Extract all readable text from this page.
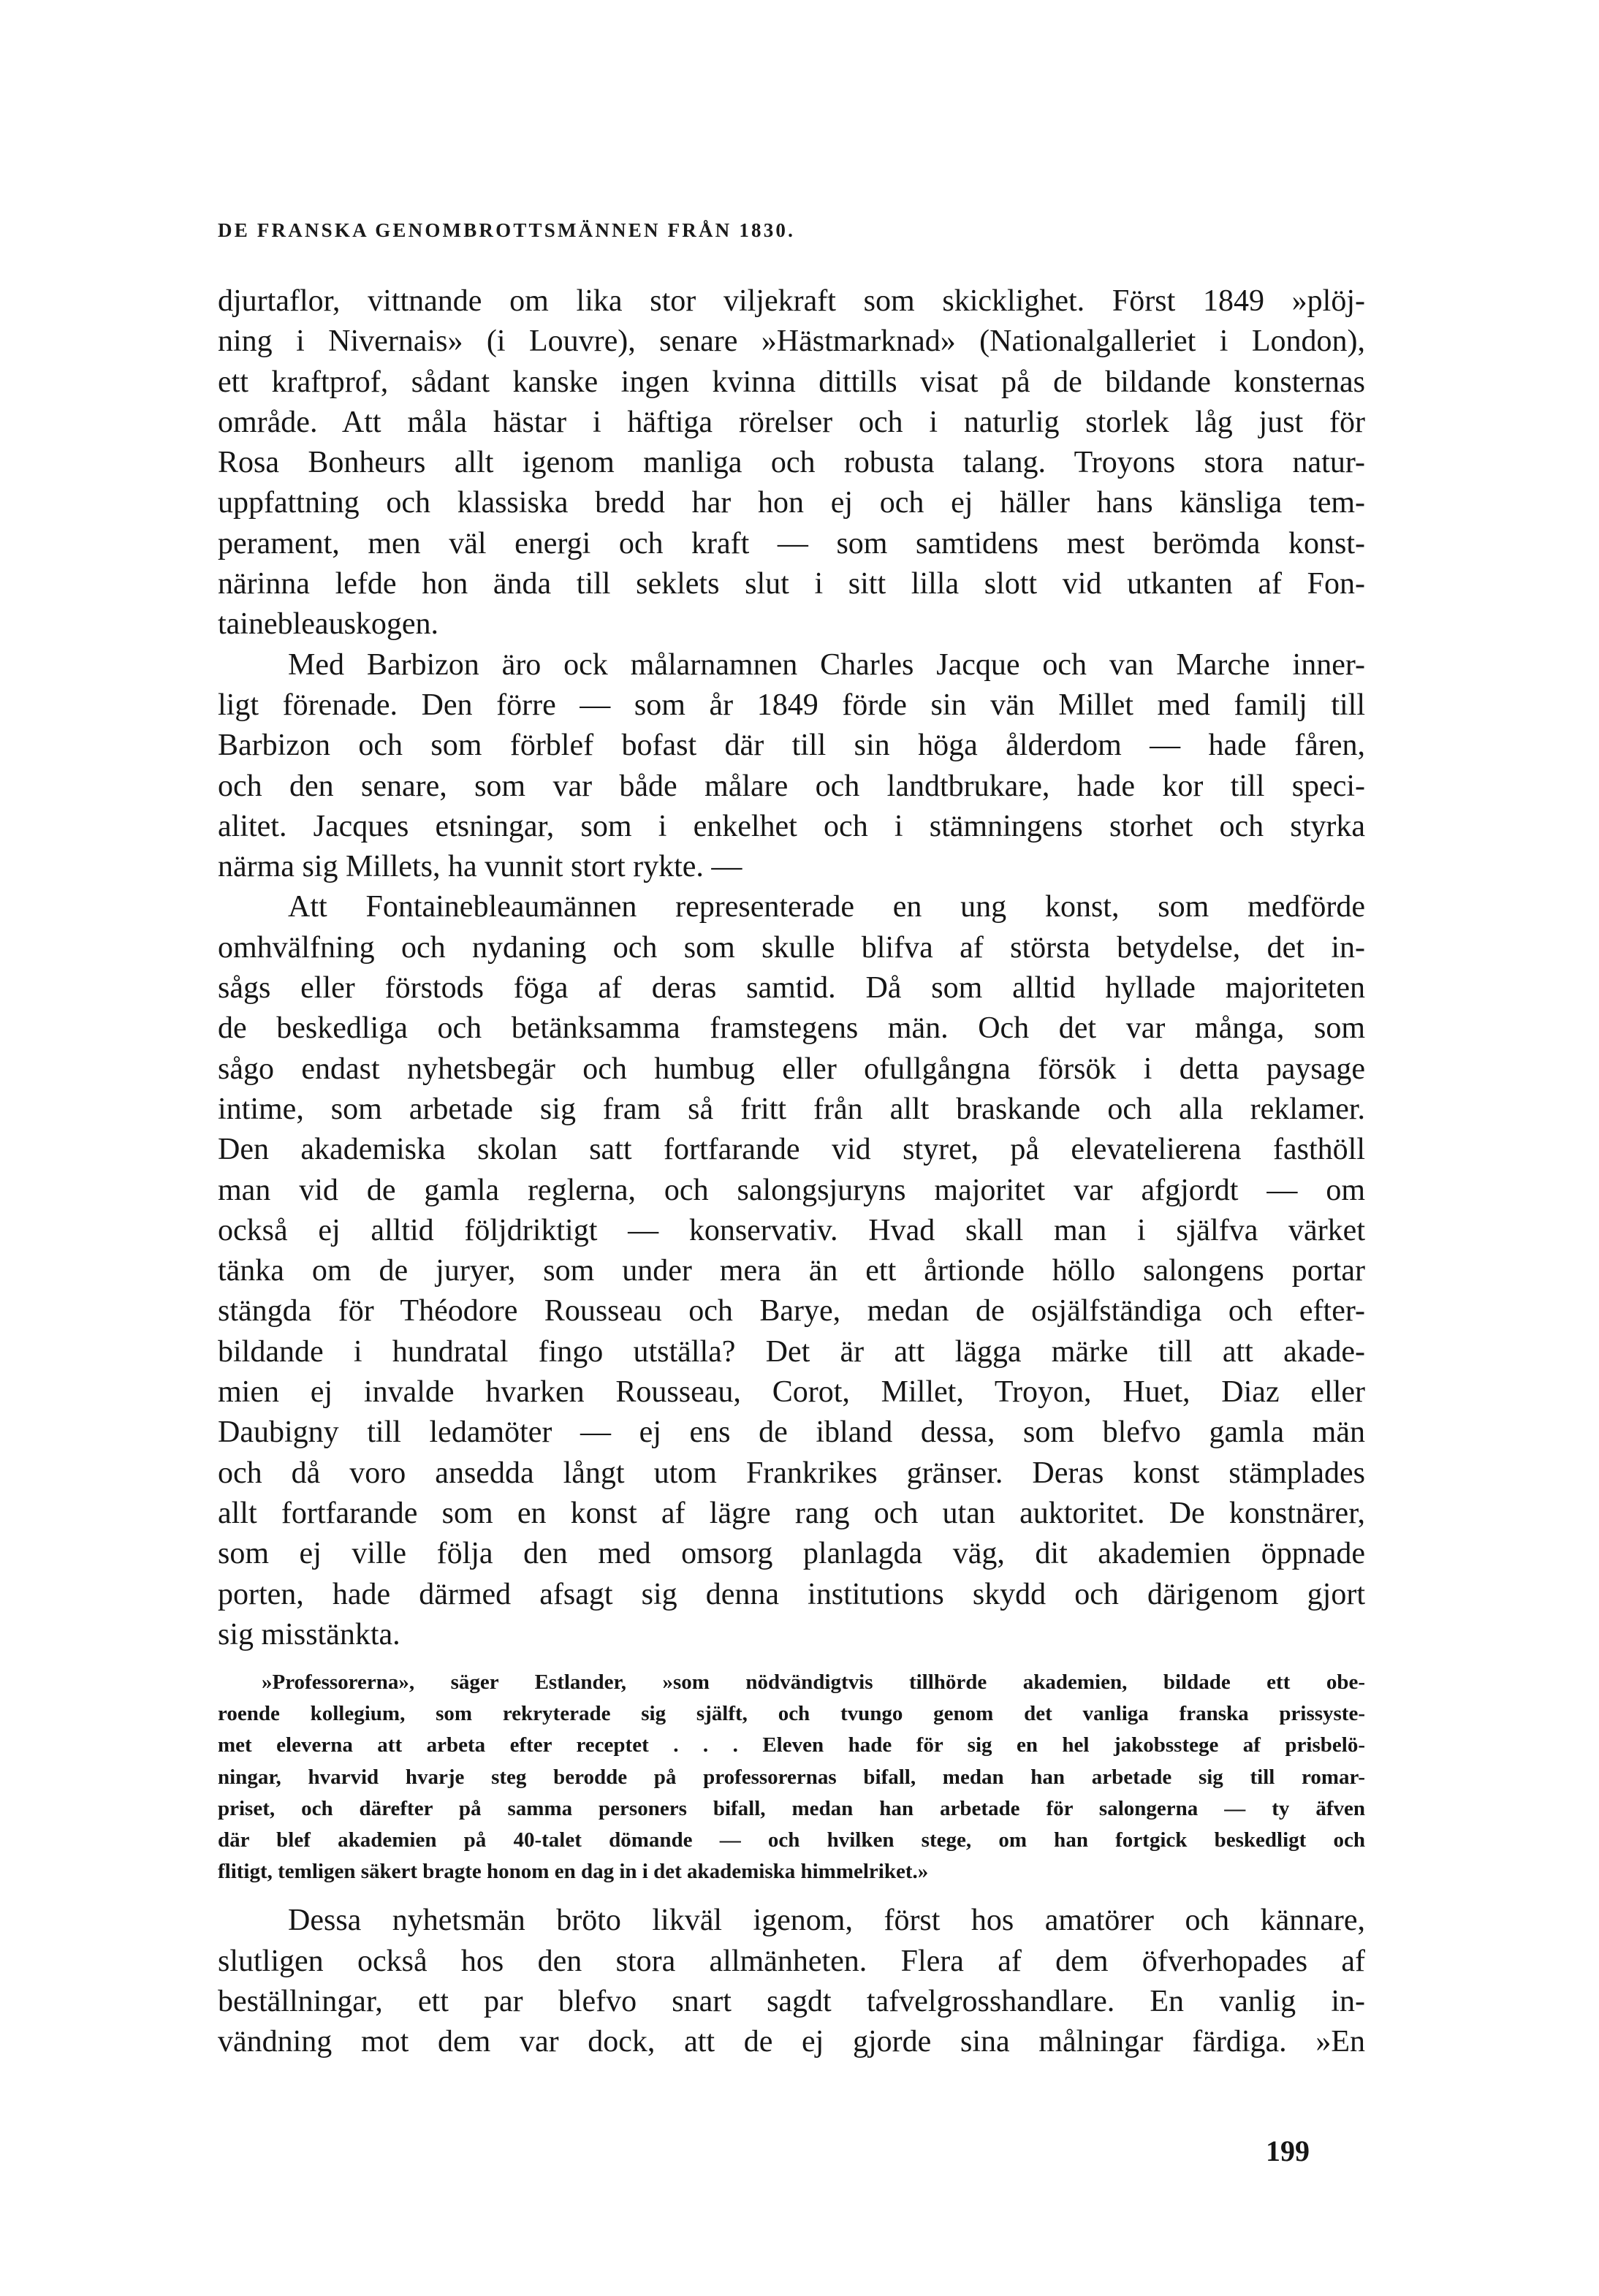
DE FRANSKA GENOMBROTTSMÄNNEN FRÅN 1830.
djurtaflor, vittnande om lika stor viljekraft som skicklighet. Först 1849 »plöj-
ning i Nivernais» (i Louvre), senare »Hästmarknad» (Nationalgalleriet i London),
ett kraftprof, sådant kanske ingen kvinna dittills visat på de bildande konsternas
område. Att måla hästar i häftiga rörelser och i naturlig storlek låg just för
Rosa Bonheurs allt igenom manliga och robusta talang. Troyons stora natur-
uppfattning och klassiska bredd har hon ej och ej häller hans känsliga tem-
perament, men väl energi och kraft — som samtidens mest berömda konst-
närinna lefde hon ända till seklets slut i sitt lilla slott vid utkanten af Fon-
tainebleauskogen.
Med Barbizon äro ock målarnamnen Charles Jacque och van Marche inner-
ligt förenade. Den förre — som år 1849 förde sin vän Millet med familj till
Barbizon och som förblef bofast där till sin höga ålderdom — hade fåren,
och den senare, som var både målare och landtbrukare, hade kor till speci-
alitet. Jacques etsningar, som i enkelhet och i stämningens storhet och styrka
närma sig Millets, ha vunnit stort rykte. —
Att Fontainebleaumännen representerade en ung konst, som medförde
omhvälfning och nydaning och som skulle blifva af största betydelse, det in-
sågs eller förstods föga af deras samtid. Då som alltid hyllade majoriteten
de beskedliga och betänksamma framstegens män. Och det var många, som
sågo endast nyhetsbegär och humbug eller ofullgångna försök i detta paysage
intime, som arbetade sig fram så fritt från allt braskande och alla reklamer.
Den akademiska skolan satt fortfarande vid styret, på elevatelierena fasthöll
man vid de gamla reglerna, och salongsjuryns majoritet var afgjordt — om
också ej alltid följdriktigt — konservativ. Hvad skall man i själfva värket
tänka om de juryer, som under mera än ett årtionde höllo salongens portar
stängda för Théodore Rousseau och Barye, medan de osjälfständiga och efter-
bildande i hundratal fingo utställa? Det är att lägga märke till att akade-
mien ej invalde hvarken Rousseau, Corot, Millet, Troyon, Huet, Diaz eller
Daubigny till ledamöter — ej ens de ibland dessa, som blefvo gamla män
och då voro ansedda långt utom Frankrikes gränser. Deras konst stämplades
allt fortfarande som en konst af lägre rang och utan auktoritet. De konstnärer,
som ej ville följa den med omsorg planlagda väg, dit akademien öppnade
porten, hade därmed afsagt sig denna institutions skydd och därigenom gjort
sig misstänkta.
»Professorerna», säger Estlander, »som nödvändigtvis tillhörde akademien, bildade ett obe-
roende kollegium, som rekryterade sig själft, och tvungo genom det vanliga franska prissyste-
met eleverna att arbeta efter receptet . . . Eleven hade för sig en hel jakobsstege af prisbelö-
ningar, hvarvid hvarje steg berodde på professorernas bifall, medan han arbetade sig till romar-
priset, och därefter på samma personers bifall, medan han arbetade för salongerna — ty äfven
där blef akademien på 40-talet dömande — och hvilken stege, om han fortgick beskedligt och
flitigt, temligen säkert bragte honom en dag in i det akademiska himmelriket.»
Dessa nyhetsmän bröto likväl igenom, först hos amatörer och kännare,
slutligen också hos den stora allmänheten. Flera af dem öfverhopades af
beställningar, ett par blefvo snart sagdt tafvelgrosshandlare. En vanlig in-
vändning mot dem var dock, att de ej gjorde sina målningar färdiga. »En
199
